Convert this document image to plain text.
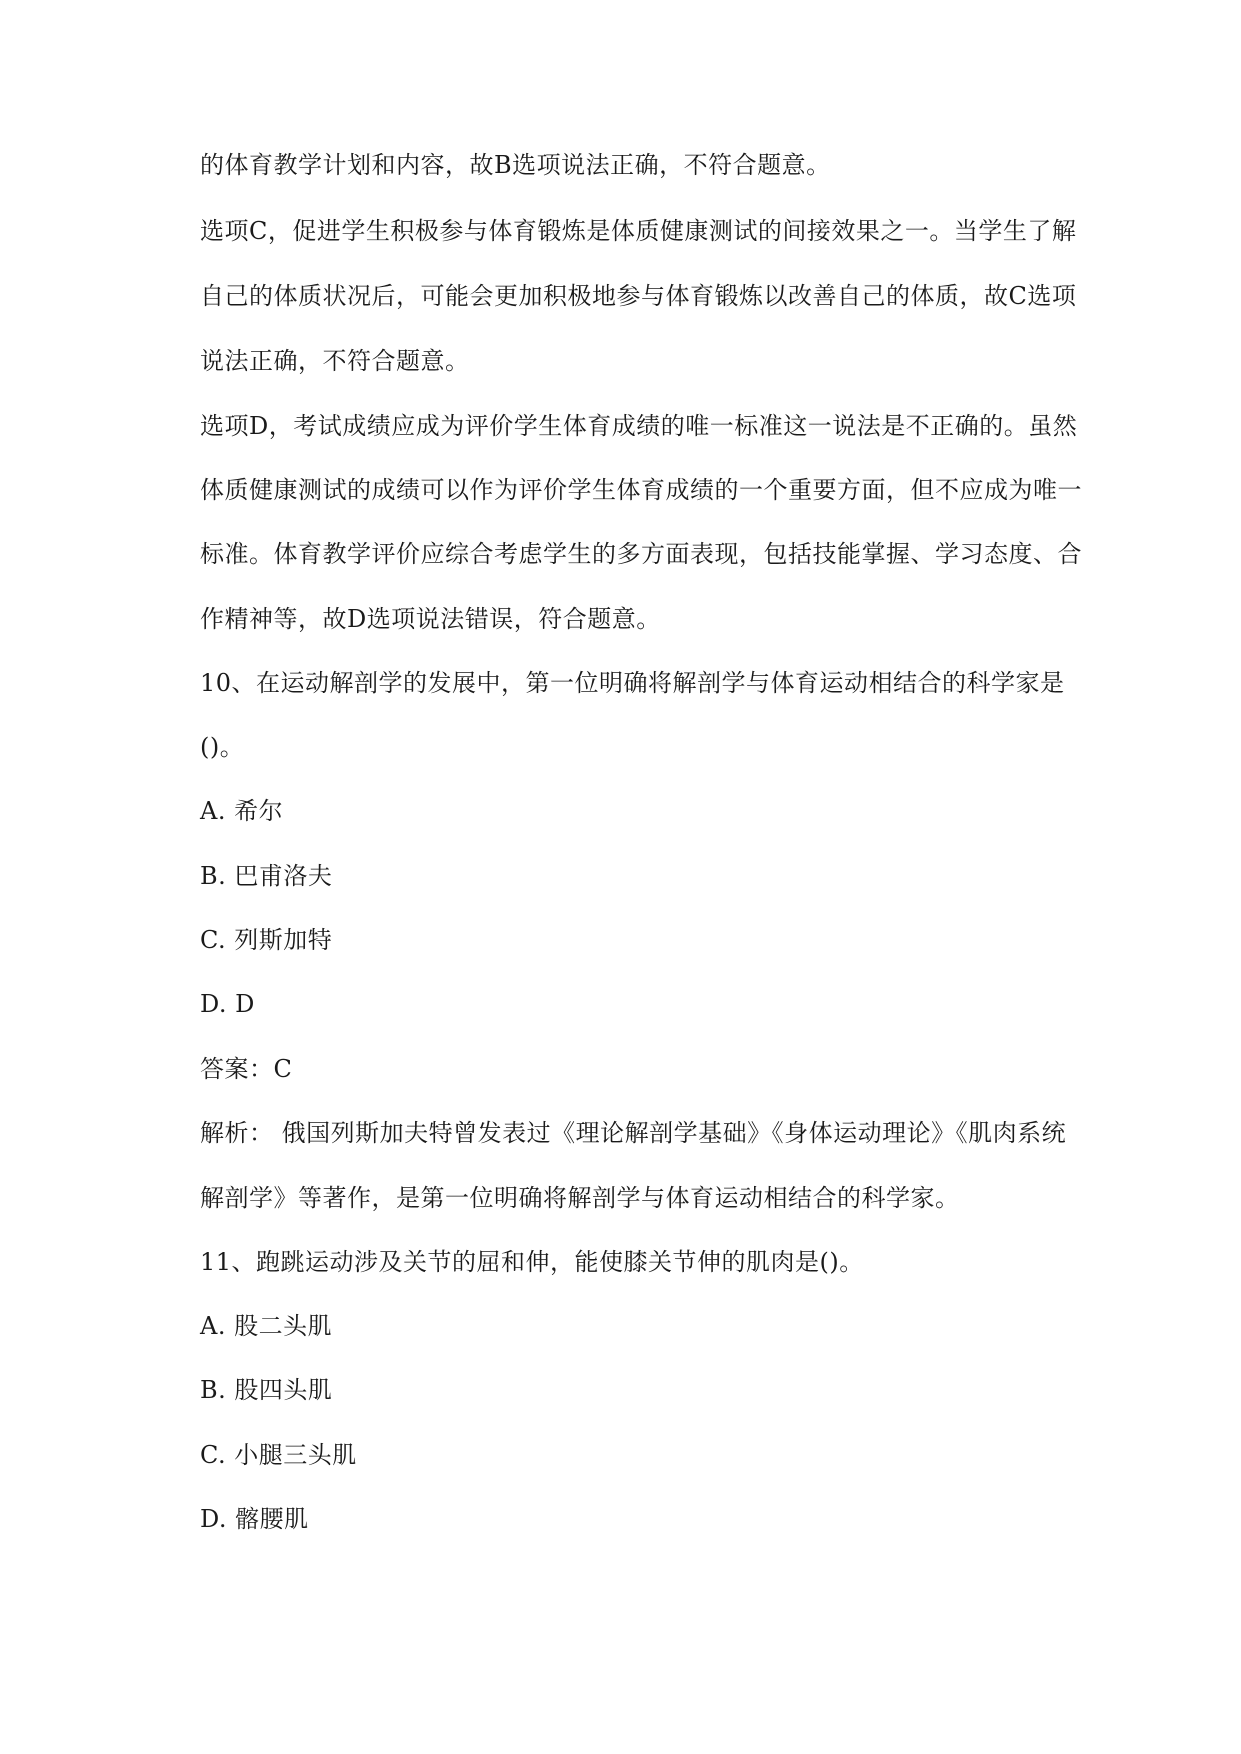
的体育教学计划和内容，故B选项说法正确，不符合题意。
选项C，促进学生积极参与体育锻炼是体质健康测试的间接效果之一。当学生了解
自己的体质状况后，可能会更加积极地参与体育锻炼以改善自己的体质，故C选项
说法正确，不符合题意。
选项D，考试成绩应成为评价学生体育成绩的唯一标准这一说法是不正确的。虽然
体质健康测试的成绩可以作为评价学生体育成绩的一个重要方面，但不应成为唯一
标准。体育教学评价应综合考虑学生的多方面表现，包括技能掌握、学习态度、合
作精神等，故D选项说法错误，符合题意。
10、在运动解剖学的发展中，第一位明确将解剖学与体育运动相结合的科学家是
()。
A. 希尔
B. 巴甫洛夫
C. 列斯加特
D. D
答案：C
解析： 俄国列斯加夫特曾发表过《理论解剖学基础》《身体运动理论》《肌肉系统
解剖学》等著作，是第一位明确将解剖学与体育运动相结合的科学家。
11、跑跳运动涉及关节的屈和伸，能使膝关节伸的肌肉是()。
A. 股二头肌
B. 股四头肌
C. 小腿三头肌
D. 髂腰肌
